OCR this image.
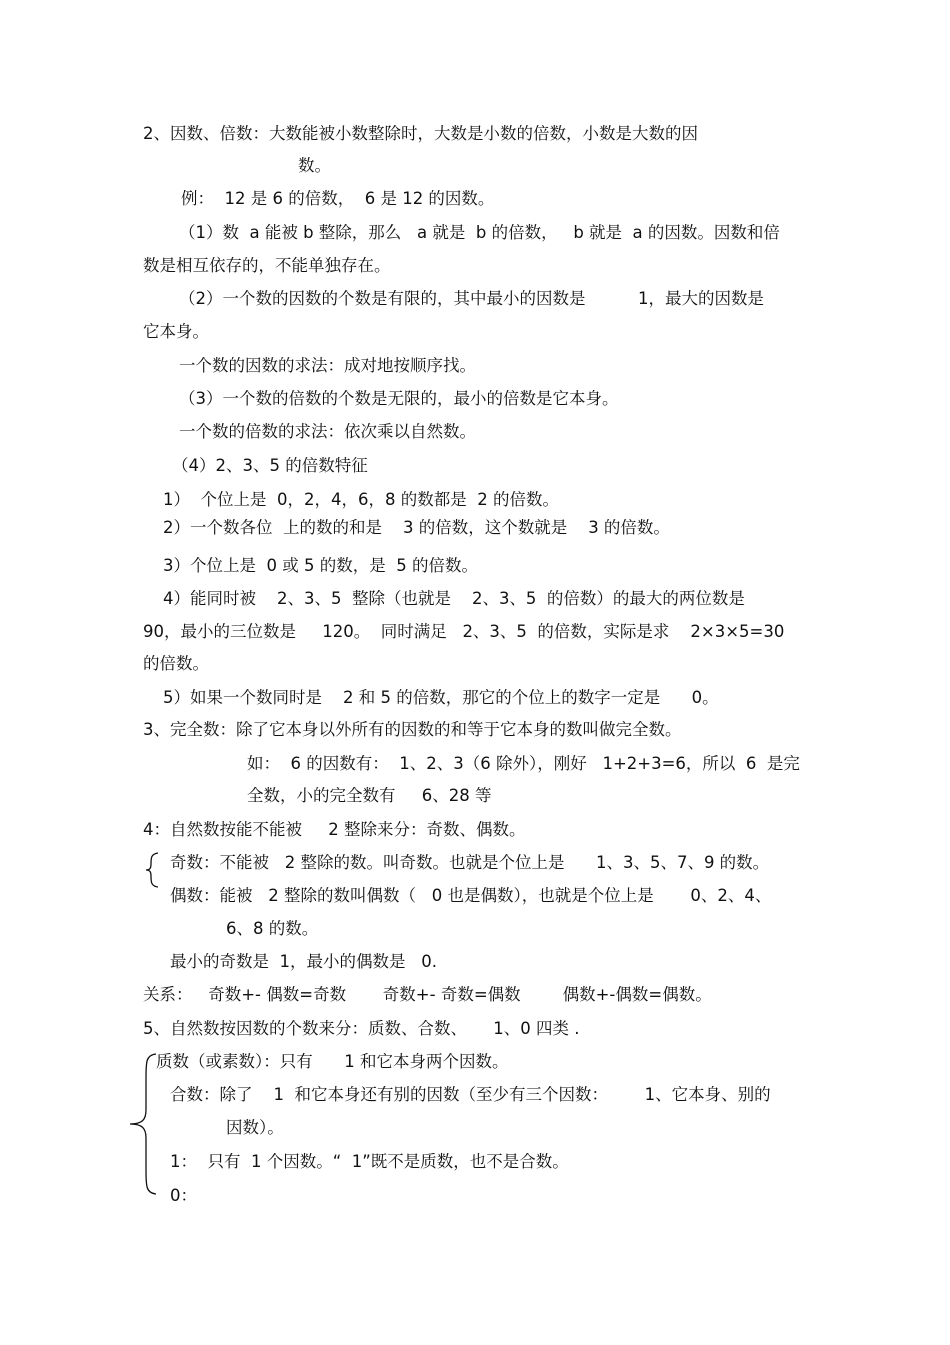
2、因数、倍数：大数能被小数整除时，大数是小数的倍数，小数是大数的因
数。
例：  12 是 6 的倍数，  6 是 12 的因数。
（1）数  a 能被 b 整除，那么   a 就是  b 的倍数，   b 就是  a 的因数。因数和倍
数是相互依存的，不能单独存在。
（2）一个数的因数的个数是有限的，其中最小的因数是          1，最大的因数是
它本身。
一个数的因数的求法：成对地按顺序找。
（3）一个数的倍数的个数是无限的，最小的倍数是它本身。
一个数的倍数的求法：依次乘以自然数。
（4）2、3、5 的倍数特征
1）  个位上是  0，2，4，6，8 的数都是  2 的倍数。
2）一个数各位  上的数的和是    3 的倍数，这个数就是    3 的倍数。
3）个位上是  0 或 5 的数，是  5 的倍数。
4）能同时被    2、3、5  整除（也就是    2、3、5  的倍数）的最大的两位数是
90，最小的三位数是     120。  同时满足   2、3、5  的倍数，实际是求    2×3×5=30
的倍数。
5）如果一个数同时是    2 和 5 的倍数，那它的个位上的数字一定是      0。
3、完全数：除了它本身以外所有的因数的和等于它本身的数叫做完全数。
如：  6 的因数有：  1、2、3（6 除外），刚好   1+2+3=6，所以  6  是完
全数，小的完全数有     6、28 等
4：自然数按能不能被     2 整除来分：奇数、偶数。
奇数：不能被   2 整除的数。叫奇数。也就是个位上是      1、3、5、7、9 的数。
偶数：能被   2 整除的数叫偶数（   0 也是偶数），也就是个位上是       0、2、4、
6、8 的数。
最小的奇数是  1，最小的偶数是   0.
关系：   奇数+- 偶数=奇数       奇数+- 奇数=偶数        偶数+-偶数=偶数。
5、自然数按因数的个数来分：质数、合数、     1、0 四类 .
质数（或素数）：只有      1 和它本身两个因数。
合数：除了    1  和它本身还有别的因数（至少有三个因数：       1、它本身、别的
因数）。
1：  只有  1 个因数。“  1”既不是质数，也不是合数。
0：
